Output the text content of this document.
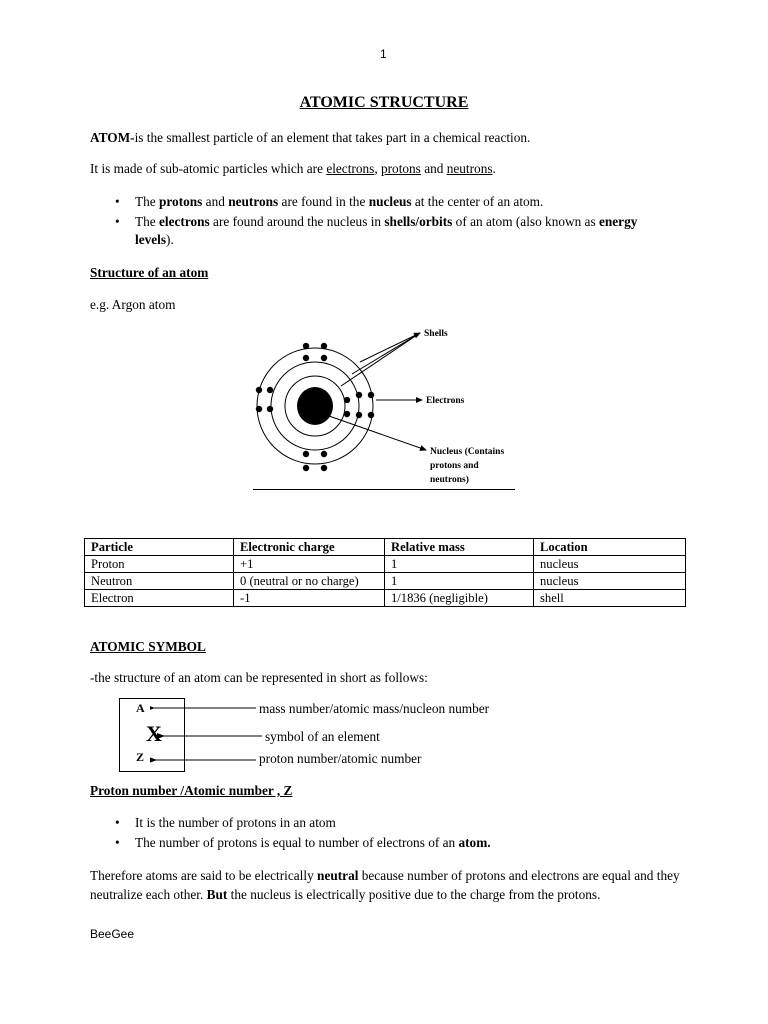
1
ATOMIC STRUCTURE
ATOM-is the smallest particle of an element that takes part in a chemical reaction.
It is made of sub-atomic particles which are electrons, protons and neutrons.
• The protons and neutrons are found in the nucleus at the center of an atom.
• The electrons are found around the nucleus in shells/orbits of an atom (also known as energy
levels).
Structure of an atom
e.g. Argon atom
Shells
Electrons
Nucleus (Contains
protons and
neutrons)
Particle	Electronic charge	Relative mass	Location
Proton	+1	1	nucleus
Neutron	0 (neutral or no charge)	1	nucleus
Electron	-1	1/1836 (negligible)	shell
ATOMIC SYMBOL
-the structure of an atom can be represented in short as follows:
A
X
Z
mass number/atomic mass/nucleon number
symbol of an element
proton number/atomic number
Proton number /Atomic number , Z
• It is the number of protons in an atom
• The number of protons is equal to number of electrons of an atom.
Therefore atoms are said to be electrically neutral because number of protons and electrons are equal and they neutralize each other. But the nucleus is electrically positive due to the charge from the protons.
BeeGee
